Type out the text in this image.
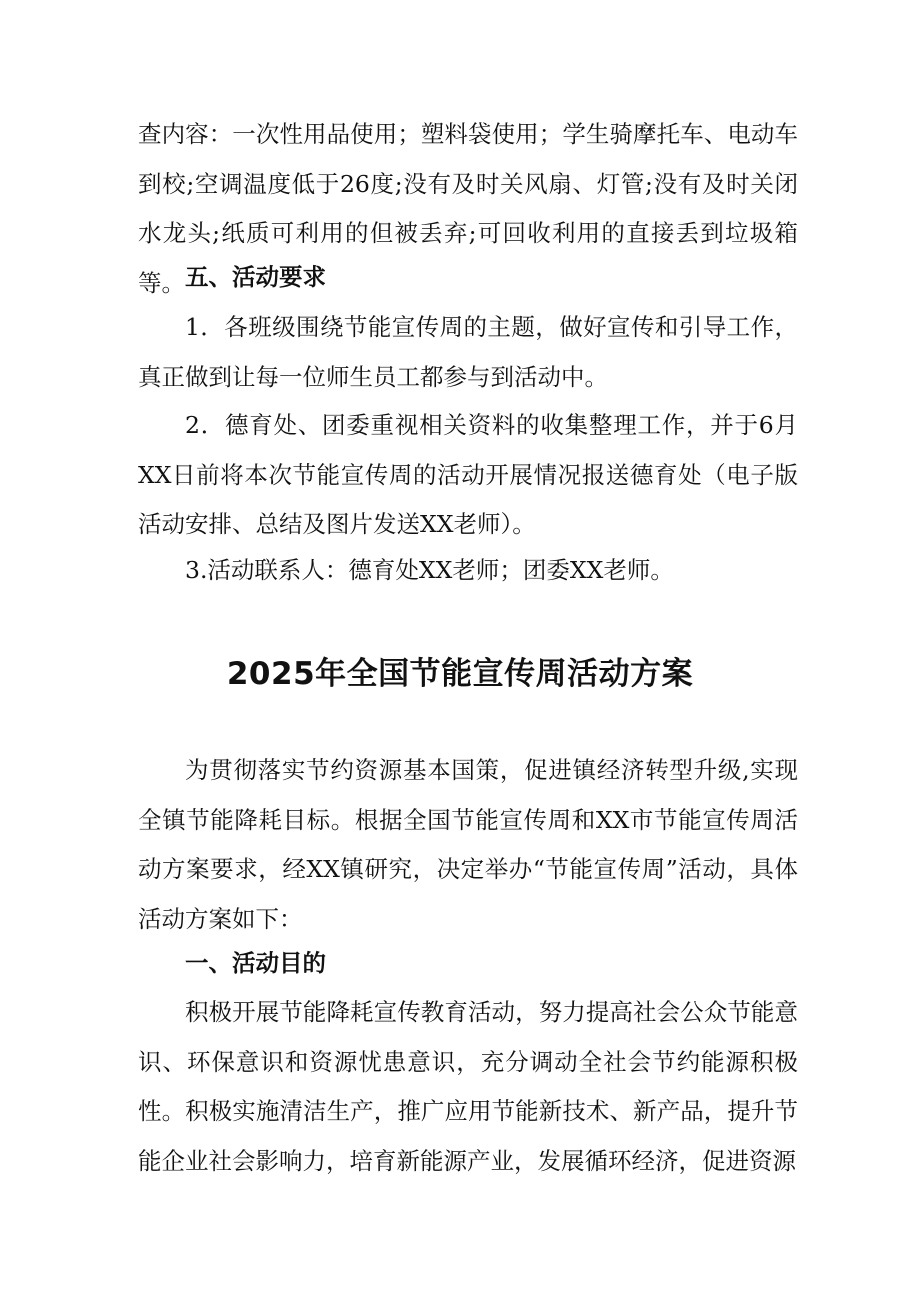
查内容：一次性用品使用；塑料袋使用；学生骑摩托车、电动车到校;空调温度低于26度;没有及时关风扇、灯管;没有及时关闭水龙头;纸质可利用的但被丢弃;可回收利用的直接丢到垃圾箱等。 五、活动要求

1．各班级围绕节能宣传周的主题，做好宣传和引导工作，真正做到让每一位师生员工都参与到活动中。

2．德育处、团委重视相关资料的收集整理工作，并于6月XX日前将本次节能宣传周的活动开展情况报送德育处（电子版活动安排、总结及图片发送XX老师）。

3.活动联系人：德育处XX老师；团委XX老师。

2025年全国节能宣传周活动方案

为贯彻落实节约资源基本国策，促进镇经济转型升级,实现全镇节能降耗目标。根据全国节能宣传周和XX市节能宣传周活动方案要求，经XX镇研究，决定举办“节能宣传周”活动，具体活动方案如下：

一、活动目的

积极开展节能降耗宣传教育活动，努力提高社会公众节能意识、环保意识和资源忧患意识，充分调动全社会节约能源积极性。积极实施清洁生产，推广应用节能新技术、新产品，提升节能企业社会影响力，培育新能源产业，发展循环经济，促进资源
